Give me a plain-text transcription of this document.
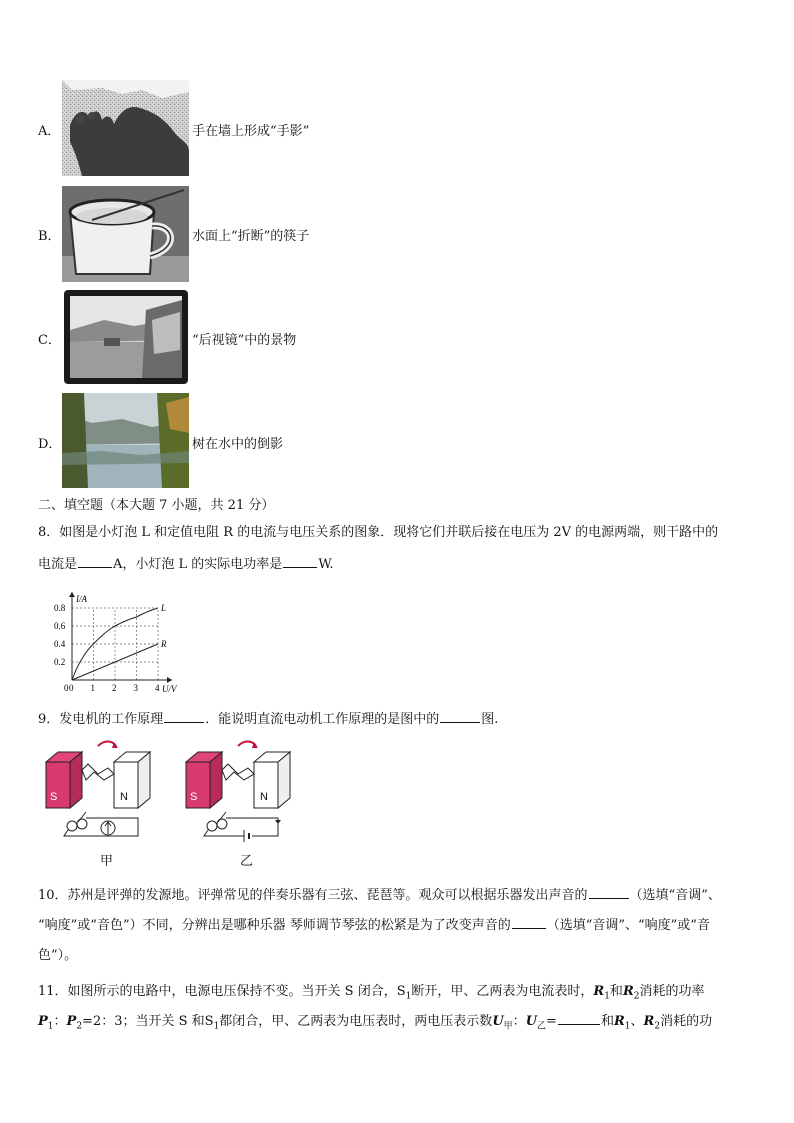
A．	手在墙上形成“手影”
B．	水面上“折断”的筷子
C．	“后视镜”中的景物
D．	树在水中的倒影
二、填空题（本大题 7 小题，共 21 分）
8．如图是小灯泡 L 和定值电阻 R 的电流与电压关系的图象．现将它们并联后接在电压为 2V 的电源两端，则干路中的
电流是	A，小灯泡 L 的实际电功率是	W.
0 1 2 3 4
0.2
0.4
0.6
0.8
0	U/V
I/A
L
R
9．发电机的工作原理	．能说明直流电动机工作原理的是图中的	图.
S	N	S	N
甲	乙
10．苏州是评弹的发源地。评弹常见的伴奏乐器有三弦、琵琶等。观众可以根据乐器发出声音的	（选填“音调”、
“响度”或“音色”）不同，分辨出是哪种乐器 琴师调节琴弦的松紧是为了改变声音的	（选填“音调”、“响度”或“音
色”）。
11．如图所示的电路中，电源电压保持不变。当开关 S 闭合，$S_1$断开，甲、乙两表为电流表时，$R_1$和$R_2$消耗的功率
$P_1$：$P_2=2$：3；当开关 S 和$S_1$都闭合，甲、乙两表为电压表时，两电压表示数$U_甲$：$U_乙=$	和$R_1$、$R_2$消耗的功
